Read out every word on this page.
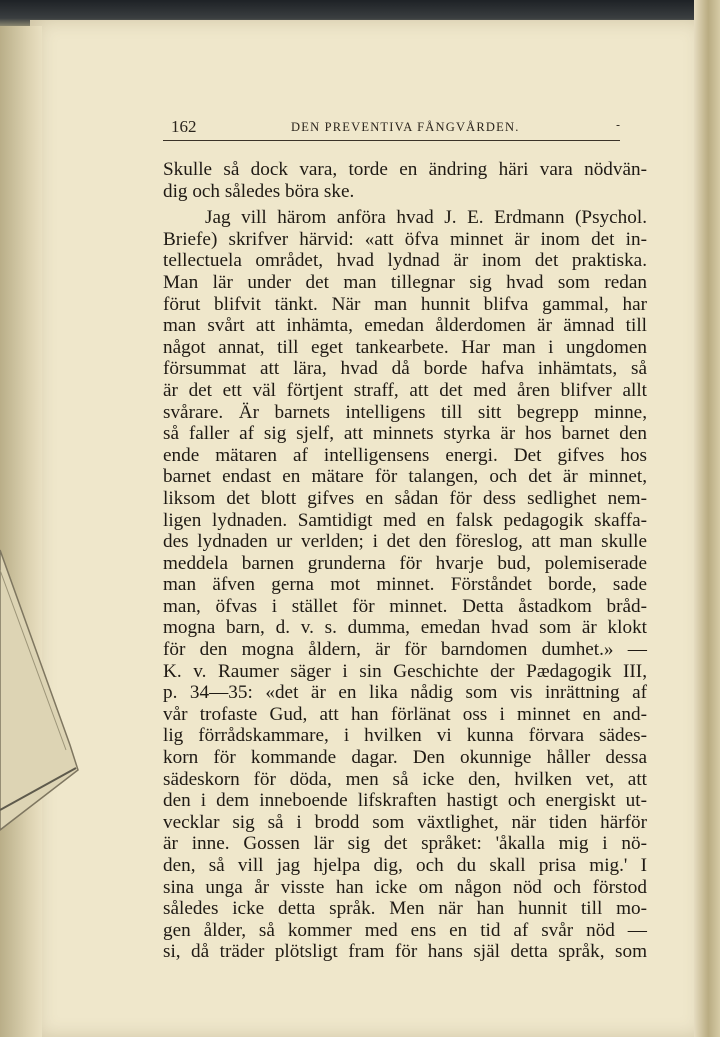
162	DEN PREVENTIVA FÅNGVÅRDEN.	-
Skulle så dock vara, torde en ändring häri vara nödvän-
dig och således böra ske.
Jag vill härom anföra hvad J. E. Erdmann (Psychol.
Briefe) skrifver härvid: «att öfva minnet är inom det in-
tellectuela området, hvad lydnad är inom det praktiska.
Man lär under det man tillegnar sig hvad som redan
förut blifvit tänkt. När man hunnit blifva gammal, har
man svårt att inhämta, emedan ålderdomen är ämnad till
något annat, till eget tankearbete. Har man i ungdomen
försummat att lära, hvad då borde hafva inhämtats, så
är det ett väl förtjent straff, att det med åren blifver allt
svårare. Är barnets intelligens till sitt begrepp minne,
så faller af sig sjelf, att minnets styrka är hos barnet den
ende mätaren af intelligensens energi. Det gifves hos
barnet endast en mätare för talangen, och det är minnet,
liksom det blott gifves en sådan för dess sedlighet nem-
ligen lydnaden. Samtidigt med en falsk pedagogik skaffa-
des lydnaden ur verlden; i det den föreslog, att man skulle
meddela barnen grunderna för hvarje bud, polemiserade
man äfven gerna mot minnet. Förståndet borde, sade
man, öfvas i stället för minnet. Detta åstadkom bråd-
mogna barn, d. v. s. dumma, emedan hvad som är klokt
för den mogna åldern, är för barndomen dumhet.» —
K. v. Raumer säger i sin Geschichte der Pædagogik III,
p. 34—35: «det är en lika nådig som vis inrättning af
vår trofaste Gud, att han förlänat oss i minnet en and-
lig förrådskammare, i hvilken vi kunna förvara sädes-
korn för kommande dagar. Den okunnige håller dessa
sädeskorn för döda, men så icke den, hvilken vet, att
den i dem inneboende lifskraften hastigt och energiskt ut-
vecklar sig så i brodd som växtlighet, när tiden härför
är inne. Gossen lär sig det språket: 'åkalla mig i nö-
den, så vill jag hjelpa dig, och du skall prisa mig.' I
sina unga år visste han icke om någon nöd och förstod
således icke detta språk. Men när han hunnit till mo-
gen ålder, så kommer med ens en tid af svår nöd —
si, då träder plötsligt fram för hans själ detta språk, som
